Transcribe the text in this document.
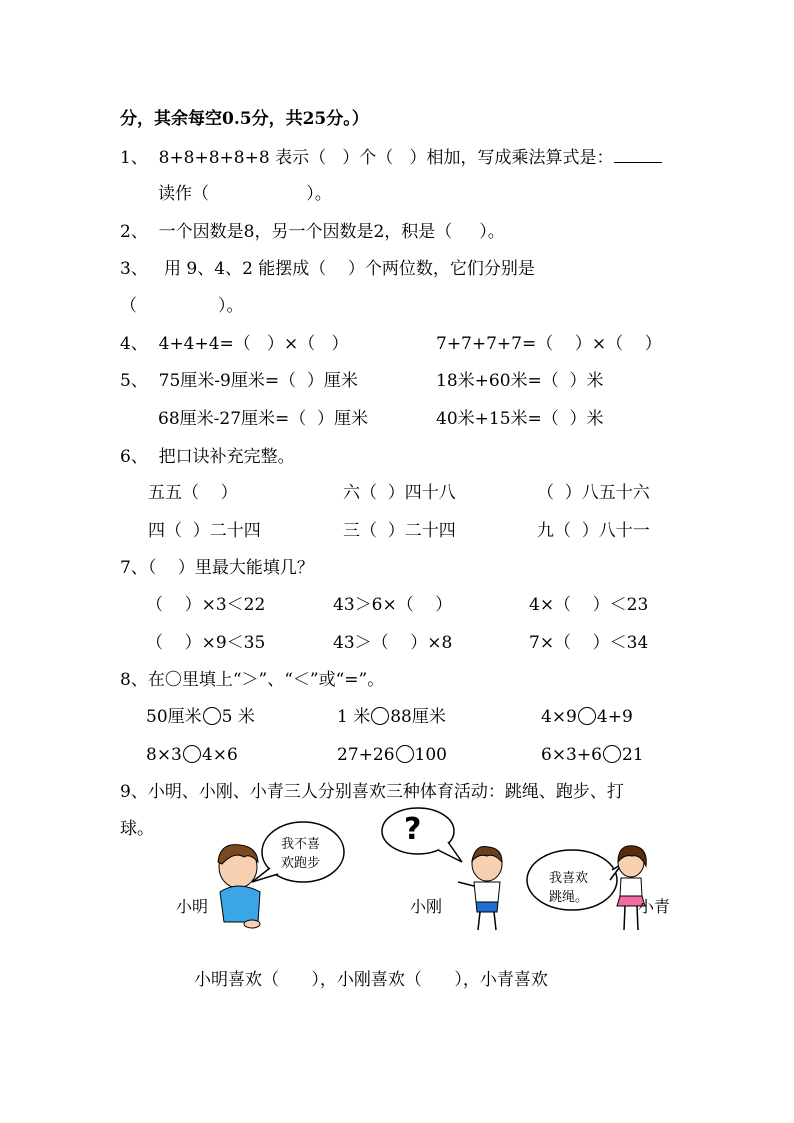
分，其余每空0.5分，共25分。）
1、  8+8+8+8+8 表示（   ）个（   ）相加，写成乘法算式是：
读作（                  ）。
2、  一个因数是8，另一个因数是2，积是（     ）。
3、   用 9、4、2 能摆成（    ）个两位数，它们分别是
（               ）。
4、  4+4+4=（   ）×（   ）	7+7+7+7=（    ）×（    ）
5、  75厘米-9厘米=（  ）厘米	18米+60米=（  ）米
68厘米-27厘米=（  ）厘米	40米+15米=（  ）米
6、  把口诀补充完整。
五五（    ）	六（  ）四十八	（  ）八五十六
四（  ）二十四	三（  ）二十四	九（  ）八十一
7、（    ）里最大能填几？
（    ）×3＜22	43＞6×（    ）	4×（    ）＜23
（    ）×9＜35	43＞（    ）×8	7×（    ）＜34
8、在〇里填上“＞”、“＜”或“=”。
50厘米 5 米	1 米 88厘米	4×9 4+9
8×3 4×6	27+26 100	6×3+6 21
9、小明、小刚、小青三人分别喜欢三种体育活动：跳绳、跑步、打
球。
我不喜
欢跑步
?
我喜欢
跳绳。
小明	小刚	小青
小明喜欢（      ），小刚喜欢（      ），小青喜欢
